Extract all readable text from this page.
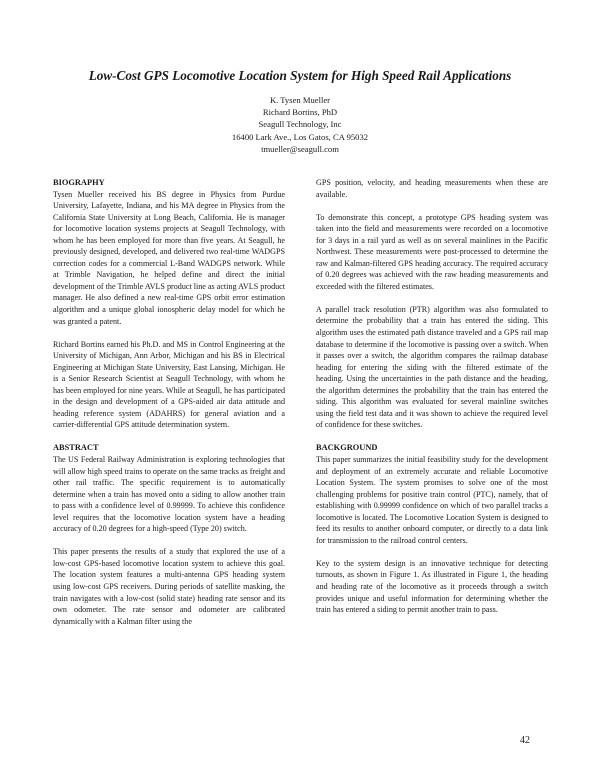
Low-Cost GPS Locomotive Location System for High Speed Rail Applications
K. Tysen Mueller
Richard Bortins, PhD
Seagull Technology, Inc
16400 Lark Ave., Los Gatos, CA 95032
tmueller@seagull.com
BIOGRAPHY

Tysen Mueller received his BS degree in Physics from Purdue University, Lafayette, Indiana, and his MA degree in Physics from the California State University at Long Beach, California. He is manager for locomotive location systems projects at Seagull Technology, with whom he has been employed for more than five years. At Seagull, he previously designed, developed, and delivered two real-time WADGPS correction codes for a commercial L-Band WADGPS network. While at Trimble Navigation, he helped define and direct the initial development of the Trimble AVLS product line as acting AVLS product manager. He also defined a new real-time GPS orbit error estimation algorithm and a unique global ionospheric delay model for which he was granted a patent.

Richard Bortins earned his Ph.D. and MS in Control Engineering at the University of Michigan, Ann Arbor, Michigan and his BS in Electrical Engineering at Michigan State University, East Lansing, Michigan. He is a Senior Research Scientist at Seagull Technology, with whom he has been employed for nine years. While at Seagull, he has participated in the design and development of a GPS-aided air data attitude and heading reference system (ADAHRS) for general aviation and a carrier-differential GPS attitude determination system.

ABSTRACT

The US Federal Railway Administration is exploring technologies that will allow high speed trains to operate on the same tracks as freight and other rail traffic. The specific requirement is to automatically determine when a train has moved onto a siding to allow another train to pass with a confidence level of 0.99999. To achieve this confidence level requires that the locomotive location system have a heading accuracy of 0.20 degrees for a high-speed (Type 20) switch.

This paper presents the results of a study that explored the use of a low-cost GPS-based locomotive location system to achieve this goal. The location system features a multi-antenna GPS heading system using low-cost GPS receivers. During periods of satellite masking, the train navigates with a low-cost (solid state) heading rate sensor and its own odometer. The rate sensor and odometer are calibrated dynamically with a Kalman filter using the

GPS position, velocity, and heading measurements when these are available.

To demonstrate this concept, a prototype GPS heading system was taken into the field and measurements were recorded on a locomotive for 3 days in a rail yard as well as on several mainlines in the Pacific Northwest. These measurements were post-processed to determine the raw and Kalman-filtered GPS heading accuracy. The required accuracy of 0.20 degrees was achieved with the raw heading measurements and exceeded with the filtered estimates.

A parallel track resolution (PTR) algorithm was also formulated to determine the probability that a train has entered the siding. This algorithm uses the estimated path distance traveled and a GPS rail map database to determine if the locomotive is passing over a switch. When it passes over a switch, the algorithm compares the railmap database heading for entering the siding with the filtered estimate of the heading. Using the uncertainties in the path distance and the heading, the algorithm determines the probability that the train has entered the siding. This algorithm was evaluated for several mainline switches using the field test data and it was shown to achieve the required level of confidence for these switches.

BACKGROUND

This paper summarizes the initial feasibility study for the development and deployment of an extremely accurate and reliable Locomotive Location System. The system promises to solve one of the most challenging problems for positive train control (PTC), namely, that of establishing with 0.99999 confidence on which of two parallel tracks a locomotive is located. The Locomotive Location System is designed to feed its results to another onboard computer, or directly to a data link for transmission to the railroad control centers.

Key to the system design is an innovative technique for detecting turnouts, as shown in Figure 1. As illustrated in Figure 1, the heading and heading rate of the locomotive as it proceeds through a switch provides unique and useful information for determining whether the train has entered a siding to permit another train to pass.

42
